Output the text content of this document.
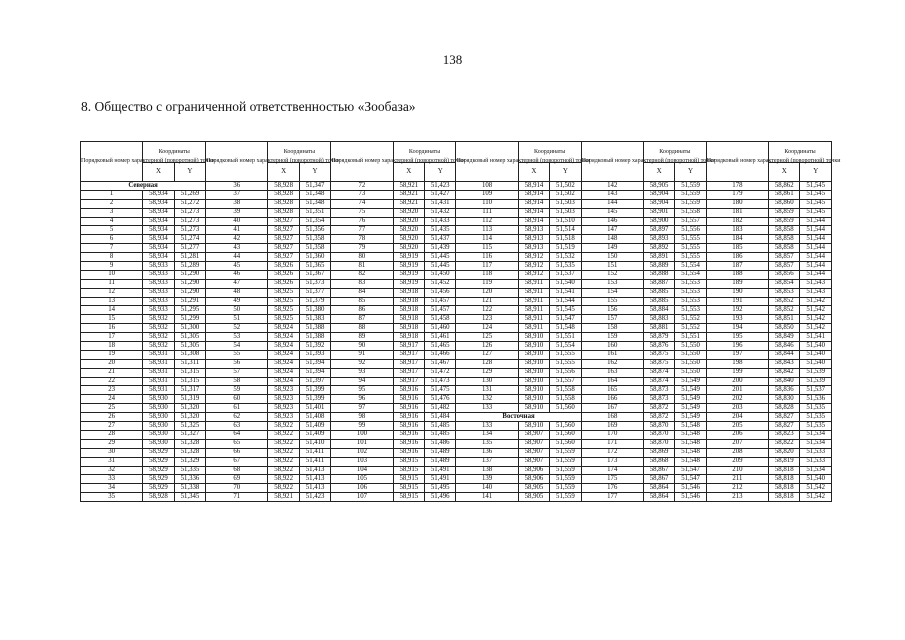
138
8. Общество с ограниченной ответственностью «Зообаза»
Порядковый номер характерной (поворотной) точки	Координаты		Порядковый номер характерной (поворотной) точки	Координаты		Порядковый номер характерной (поворотной) точки	Координаты		Порядковый номер характерной (поворотной) точки	Координаты		Порядковый номер характерной (поворотной) точки	Координаты		Порядковый номер характерной (поворотной) точки	Координаты	
	X	Y		X	Y		X	Y		X	Y		X	Y		X	Y
Северная			36	58,928	51,347	72	58,921	51,423	108	58,914	51,502	142	58,905	51,559	178	58,862	51,545
1	58,934	51,269	37	58,928	51,348	73	58,921	51,427	109	58,914	51,502	143	58,904	51,559	179	58,861	51,545
2	58,934	51,272	38	58,928	51,348	74	58,921	51,431	110	58,914	51,503	144	58,904	51,559	180	58,860	51,545
3	58,934	51,273	39	58,928	51,351	75	58,920	51,432	111	58,914	51,503	145	58,901	51,558	181	58,859	51,545
4	58,934	51,273	40	58,927	51,354	76	58,920	51,433	112	58,914	51,510	146	58,900	51,557	182	58,859	51,544
5	58,934	51,273	41	58,927	51,356	77	58,920	51,435	113	58,913	51,514	147	58,897	51,556	183	58,858	51,544
6	58,934	51,274	42	58,927	51,358	78	58,920	51,437	114	58,913	51,518	148	58,893	51,555	184	58,858	51,544
7	58,934	51,277	43	58,927	51,358	79	58,920	51,439	115	58,913	51,519	149	58,892	51,555	185	58,858	51,544
8	58,934	51,281	44	58,927	51,360	80	58,919	51,445	116	58,912	51,532	150	58,891	51,555	186	58,857	51,544
9	58,933	51,289	45	58,926	51,365	81	58,919	51,445	117	58,912	51,535	151	58,889	51,554	187	58,857	51,544
10	58,933	51,290	46	58,926	51,367	82	58,919	51,450	118	58,912	51,537	152	58,888	51,554	188	58,856	51,544
11	58,933	51,290	47	58,926	51,373	83	58,919	51,452	119	58,911	51,540	153	58,887	51,553	189	58,854	51,543
12	58,933	51,290	48	58,925	51,377	84	58,918	51,456	120	58,911	51,541	154	58,885	51,553	190	58,853	51,543
13	58,933	51,291	49	58,925	51,379	85	58,918	51,457	121	58,911	51,544	155	58,885	51,553	191	58,852	51,542
14	58,933	51,295	50	58,925	51,380	86	58,918	51,457	122	58,911	51,545	156	58,884	51,553	192	58,852	51,542
15	58,932	51,299	51	58,925	51,383	87	58,918	51,458	123	58,911	51,547	157	58,883	51,552	193	58,851	51,542
16	58,932	51,300	52	58,924	51,388	88	58,918	51,460	124	58,911	51,548	158	58,881	51,552	194	58,850	51,542
17	58,932	51,305	53	58,924	51,388	89	58,918	51,461	125	58,910	51,551	159	58,879	51,551	195	58,849	51,541
18	58,932	51,305	54	58,924	51,392	90	58,917	51,465	126	58,910	51,554	160	58,876	51,550	196	58,846	51,540
19	58,931	51,308	55	58,924	51,393	91	58,917	51,466	127	58,910	51,555	161	58,875	51,550	197	58,844	51,540
20	58,931	51,311	56	58,924	51,394	92	58,917	51,467	128	58,910	51,555	162	58,875	51,550	198	58,843	51,540
21	58,931	51,315	57	58,924	51,394	93	58,917	51,472	129	58,910	51,556	163	58,874	51,550	199	58,842	51,539
22	58,931	51,315	58	58,924	51,397	94	58,917	51,473	130	58,910	51,557	164	58,874	51,549	200	58,840	51,539
23	58,931	51,317	59	58,923	51,399	95	58,916	51,475	131	58,910	51,558	165	58,873	51,549	201	58,836	51,537
24	58,930	51,319	60	58,923	51,399	96	58,916	51,476	132	58,910	51,558	166	58,873	51,549	202	58,830	51,536
25	58,930	51,320	61	58,923	51,401	97	58,916	51,482	133	58,910	51,560	167	58,872	51,549	203	58,828	51,535
26	58,930	51,320	62	58,923	51,408	98	58,916	51,484	Восточная			168	58,872	51,549	204	58,827	51,535
27	58,930	51,325	63	58,922	51,409	99	58,916	51,485	133	58,910	51,560	169	58,870	51,548	205	58,827	51,535
28	58,930	51,327	64	58,922	51,409	100	58,916	51,485	134	58,907	51,560	170	58,870	51,548	206	58,823	51,534
29	58,930	51,328	65	58,922	51,410	101	58,916	51,486	135	58,907	51,560	171	58,870	51,548	207	58,822	51,534
30	58,929	51,328	66	58,922	51,411	102	58,916	51,489	136	58,907	51,559	172	58,869	51,548	208	58,820	51,533
31	58,929	51,329	67	58,922	51,411	103	58,915	51,489	137	58,907	51,559	173	58,868	51,548	209	58,819	51,533
32	58,929	51,335	68	58,922	51,413	104	58,915	51,491	138	58,906	51,559	174	58,867	51,547	210	58,818	51,534
33	58,929	51,336	69	58,922	51,413	105	58,915	51,491	139	58,906	51,559	175	58,867	51,547	211	58,818	51,540
34	58,929	51,338	70	58,922	51,413	106	58,915	51,495	140	58,905	51,559	176	58,864	51,546	212	58,818	51,542
35	58,928	51,345	71	58,921	51,423	107	58,915	51,496	141	58,905	51,559	177	58,864	51,546	213	58,818	51,542
